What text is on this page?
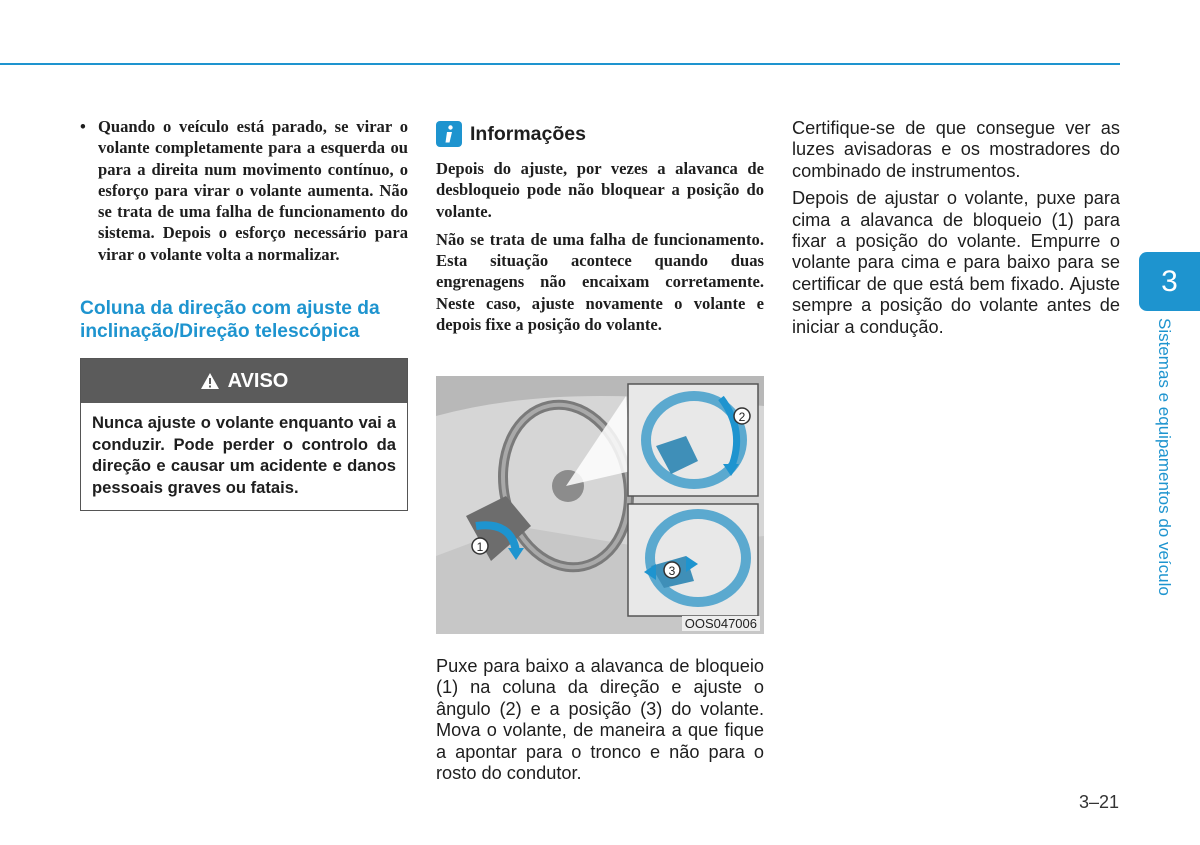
• Quando o veículo está parado, se virar o volante completamente para a esquerda ou para a direita num movimento contínuo, o esforço para virar o volante aumenta. Não se trata de uma falha de funcionamento do sistema. Depois o esforço necessário para virar o volante volta a normalizar.
Coluna da direção com ajuste da inclinação/Direção telescópica
AVISO
Nunca ajuste o volante enquanto vai a conduzir. Pode perder o controlo da direção e causar um acidente e danos pessoais graves ou fatais.
Informações
Depois do ajuste, por vezes a alavanca de desbloqueio pode não bloquear a posição do volante.
Não se trata de uma falha de funcionamento. Esta situação acontece quando duas engrenagens não encaixam corretamente. Neste caso, ajuste novamente o volante e depois fixe a posição do volante.
1
2
3
OOS047006
Puxe para baixo a alavanca de bloqueio (1) na coluna da direção e ajuste o ângulo (2) e a posição (3) do volante. Mova o volante, de maneira a que fique a apontar para o tronco e não para o rosto do condutor.

Certifique-se de que consegue ver as luzes avisadoras e os mostradores do combinado de instrumentos.

Depois de ajustar o volante, puxe para cima a alavanca de bloqueio (1) para fixar a posição do volante. Empurre o volante para cima e para baixo para se certificar de que está bem fixado. Ajuste sempre a posição do volante antes de iniciar a condução.

3
Sistemas e equipamentos do veículo
3–21
